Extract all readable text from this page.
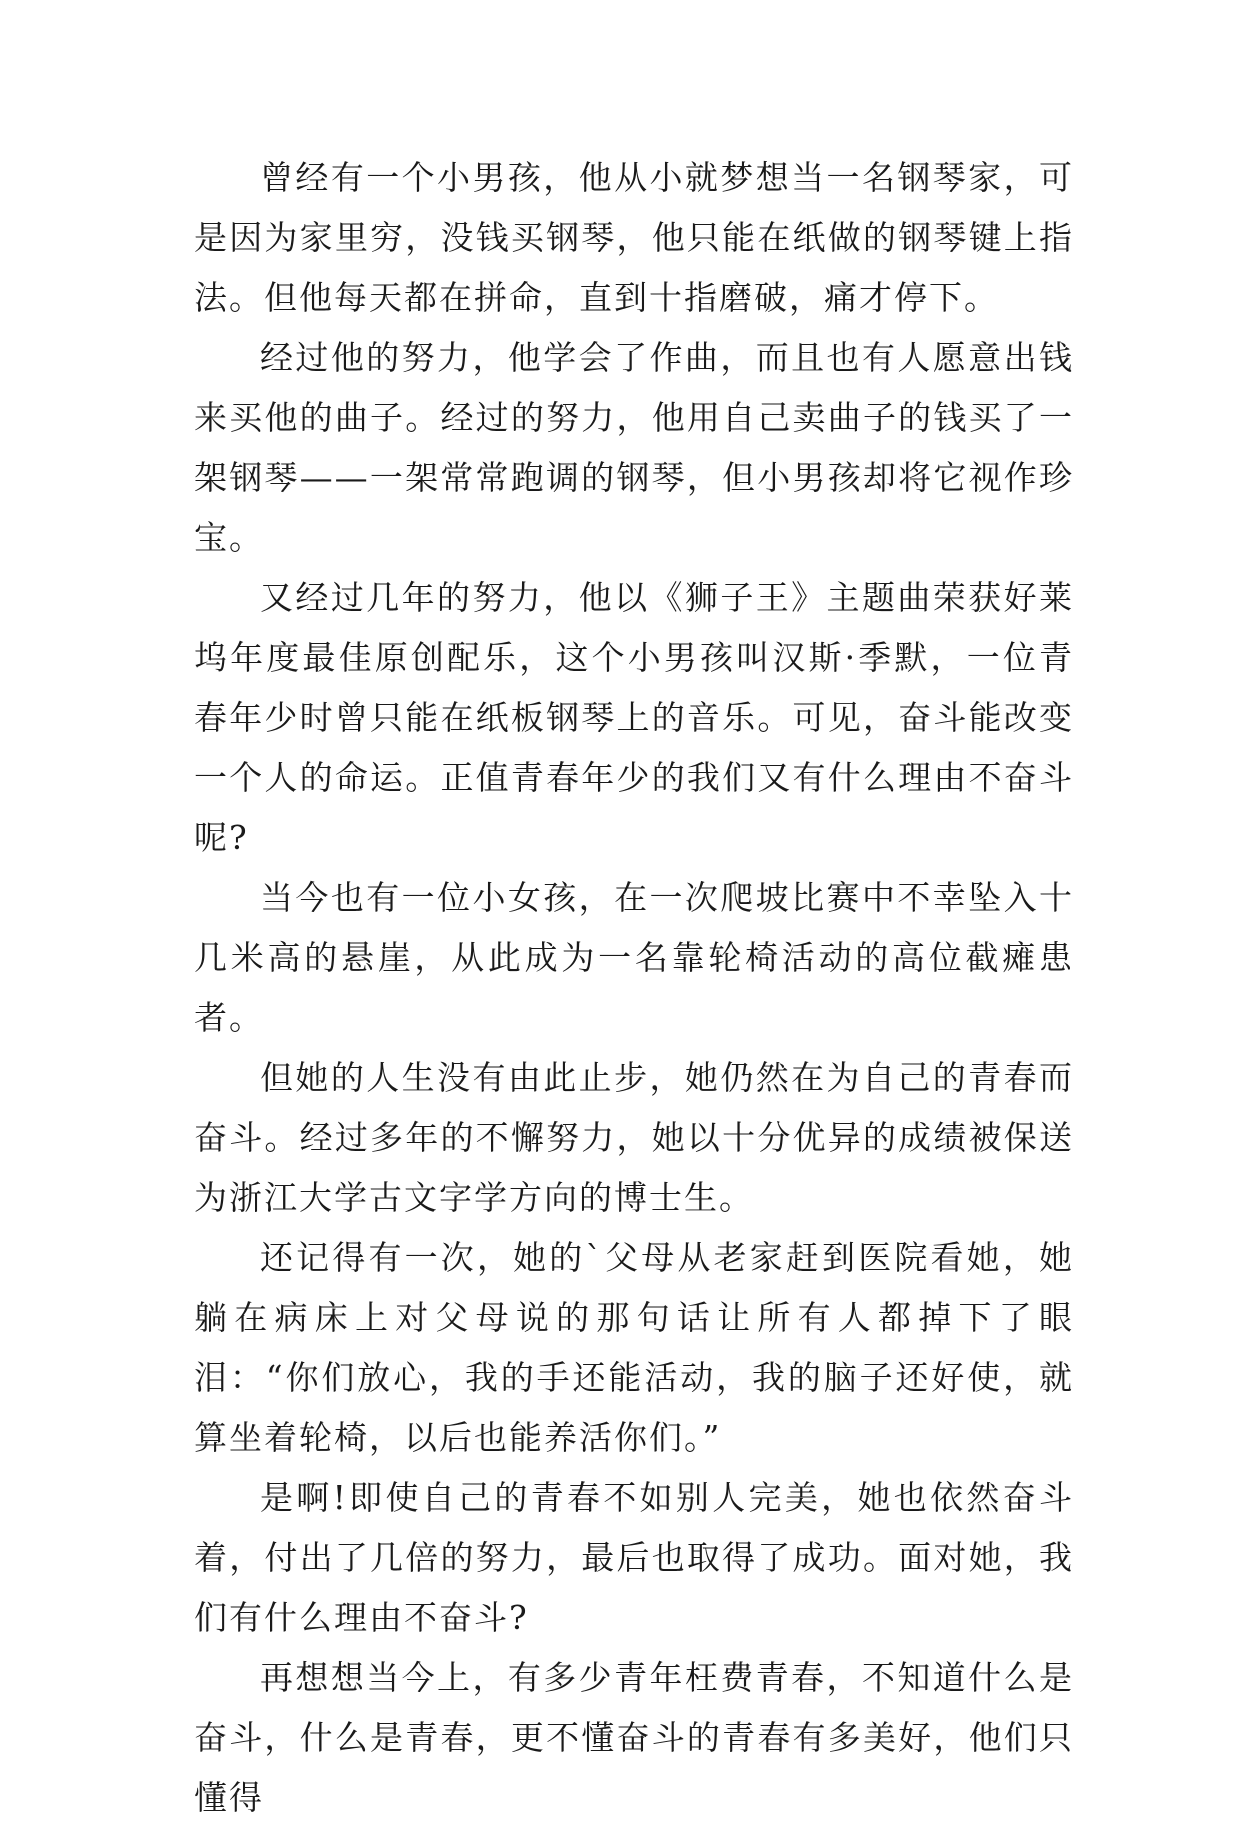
曾经有一个小男孩，他从小就梦想当一名钢琴家，可是因为家里穷，没钱买钢琴，他只能在纸做的钢琴键上指法。但他每天都在拼命，直到十指磨破，痛才停下。

经过他的努力，他学会了作曲，而且也有人愿意出钱来买他的曲子。经过的努力，他用自己卖曲子的钱买了一架钢琴——一架常常跑调的钢琴，但小男孩却将它视作珍宝。

又经过几年的努力，他以《狮子王》主题曲荣获好莱坞年度最佳原创配乐，这个小男孩叫汉斯·季默，一位青春年少时曾只能在纸板钢琴上的音乐。可见，奋斗能改变一个人的命运。正值青春年少的我们又有什么理由不奋斗呢?

当今也有一位小女孩，在一次爬坡比赛中不幸坠入十几米高的悬崖，从此成为一名靠轮椅活动的高位截瘫患者。

但她的人生没有由此止步，她仍然在为自己的青春而奋斗。经过多年的不懈努力，她以十分优异的成绩被保送为浙江大学古文字学方向的博士生。

还记得有一次，她的`父母从老家赶到医院看她，她躺在病床上对父母说的那句话让所有人都掉下了眼泪：“你们放心，我的手还能活动，我的脑子还好使，就算坐着轮椅，以后也能养活你们。”

是啊!即使自己的青春不如别人完美，她也依然奋斗着，付出了几倍的努力，最后也取得了成功。面对她，我们有什么理由不奋斗?

再想想当今上，有多少青年枉费青春，不知道什么是奋斗，什么是青春，更不懂奋斗的青春有多美好，他们只懂得
